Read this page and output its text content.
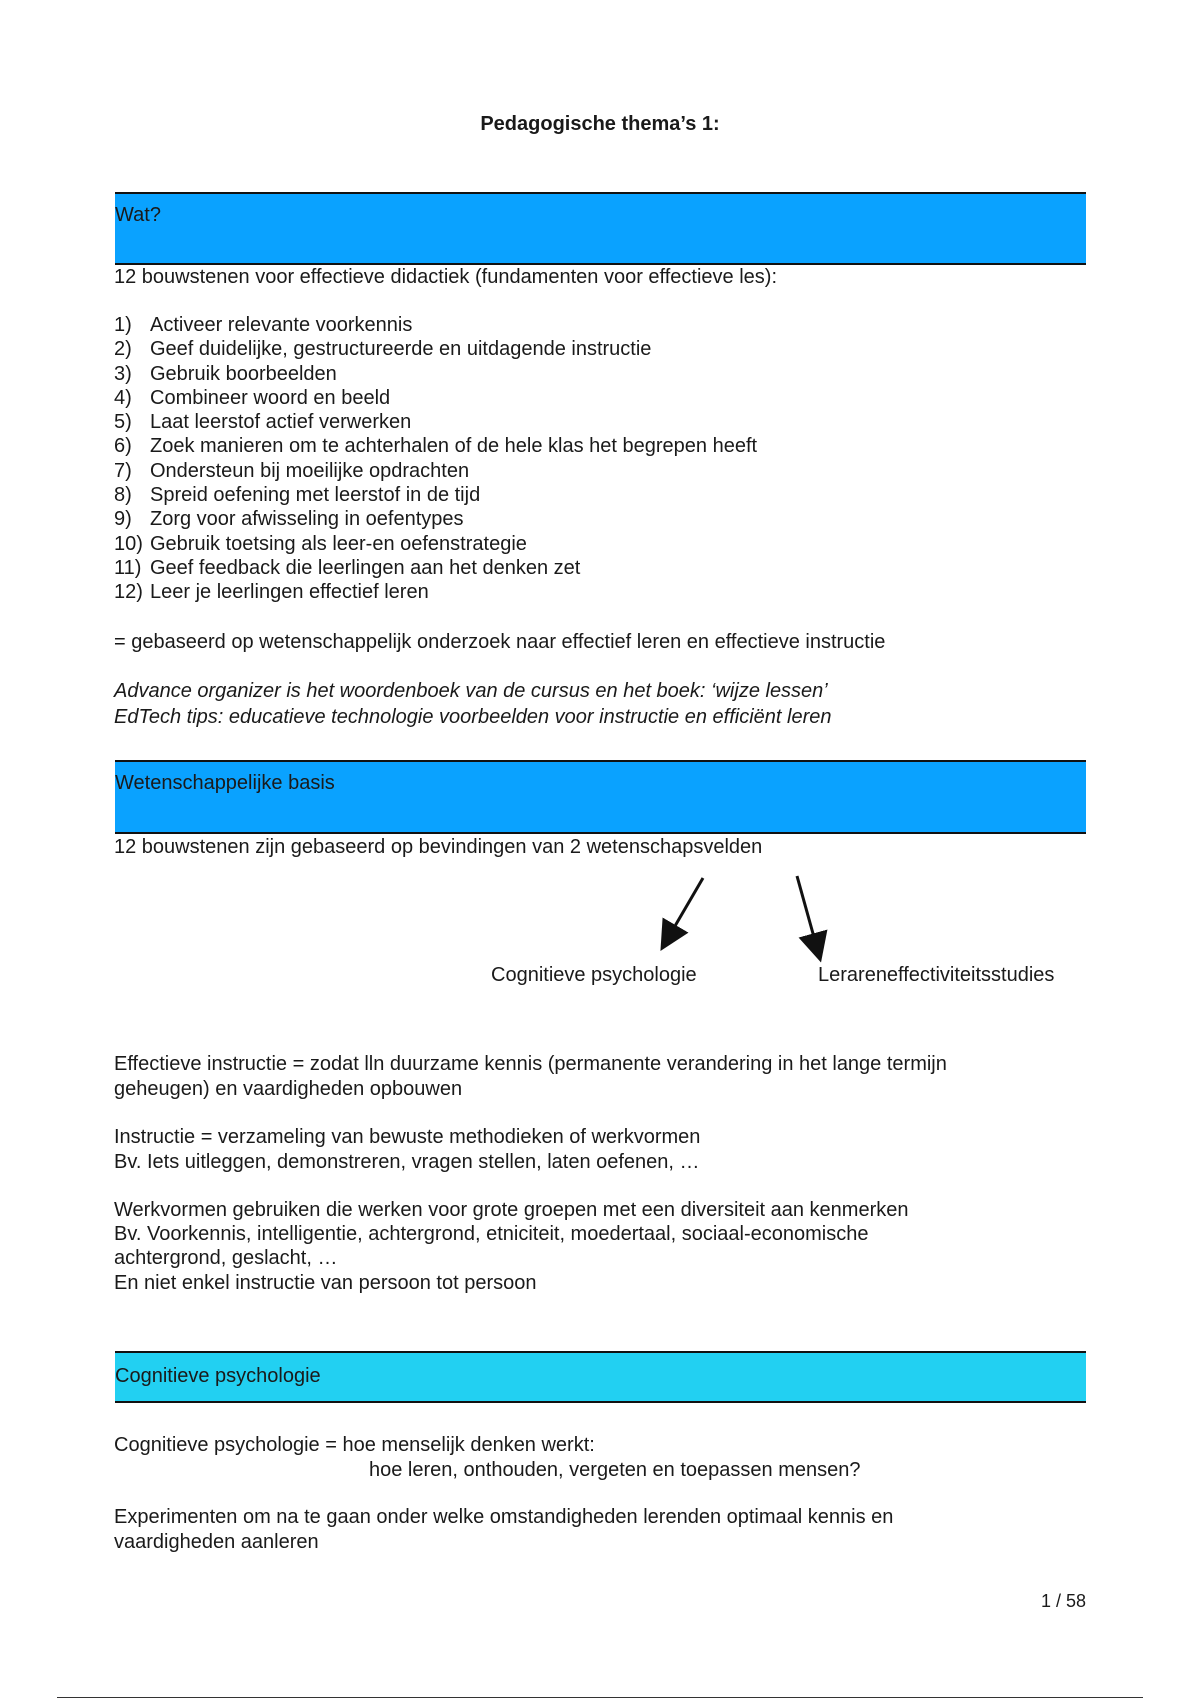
Pedagogische thema’s 1:
Wat?
12 bouwstenen voor effectieve didactiek (fundamenten voor effectieve les):
1) Activeer relevante voorkennis
2) Geef duidelijke, gestructureerde en uitdagende instructie
3) Gebruik boorbeelden
4) Combineer woord en beeld
5) Laat leerstof actief verwerken
6) Zoek manieren om te achterhalen of de hele klas het begrepen heeft
7) Ondersteun bij moeilijke opdrachten
8) Spreid oefening met leerstof in de tijd
9) Zorg voor afwisseling in oefentypes
10) Gebruik toetsing als leer-en oefenstrategie
11) Geef feedback die leerlingen aan het denken zet
12) Leer je leerlingen effectief leren
= gebaseerd op wetenschappelijk onderzoek naar effectief leren en effectieve instructie
Advance organizer is het woordenboek van de cursus en het boek: ‘wijze lessen’
EdTech tips: educatieve technologie voorbeelden voor instructie en efficiënt leren
Wetenschappelijke basis
12 bouwstenen zijn gebaseerd op bevindingen van 2 wetenschapsvelden
Cognitieve psychologie	Lerareneffectiviteitsstudies
Effectieve instructie = zodat lln duurzame kennis (permanente verandering in het lange termijn
geheugen) en vaardigheden opbouwen
Instructie = verzameling van bewuste methodieken of werkvormen
Bv. Iets uitleggen, demonstreren, vragen stellen, laten oefenen, …
Werkvormen gebruiken die werken voor grote groepen met een diversiteit aan kenmerken
Bv. Voorkennis, intelligentie, achtergrond, etniciteit, moedertaal, sociaal-economische
achtergrond, geslacht, …
En niet enkel instructie van persoon tot persoon
Cognitieve psychologie
Cognitieve psychologie = hoe menselijk denken werkt:
hoe leren, onthouden, vergeten en toepassen mensen?
Experimenten om na te gaan onder welke omstandigheden lerenden optimaal kennis en
vaardigheden aanleren
1 / 58
